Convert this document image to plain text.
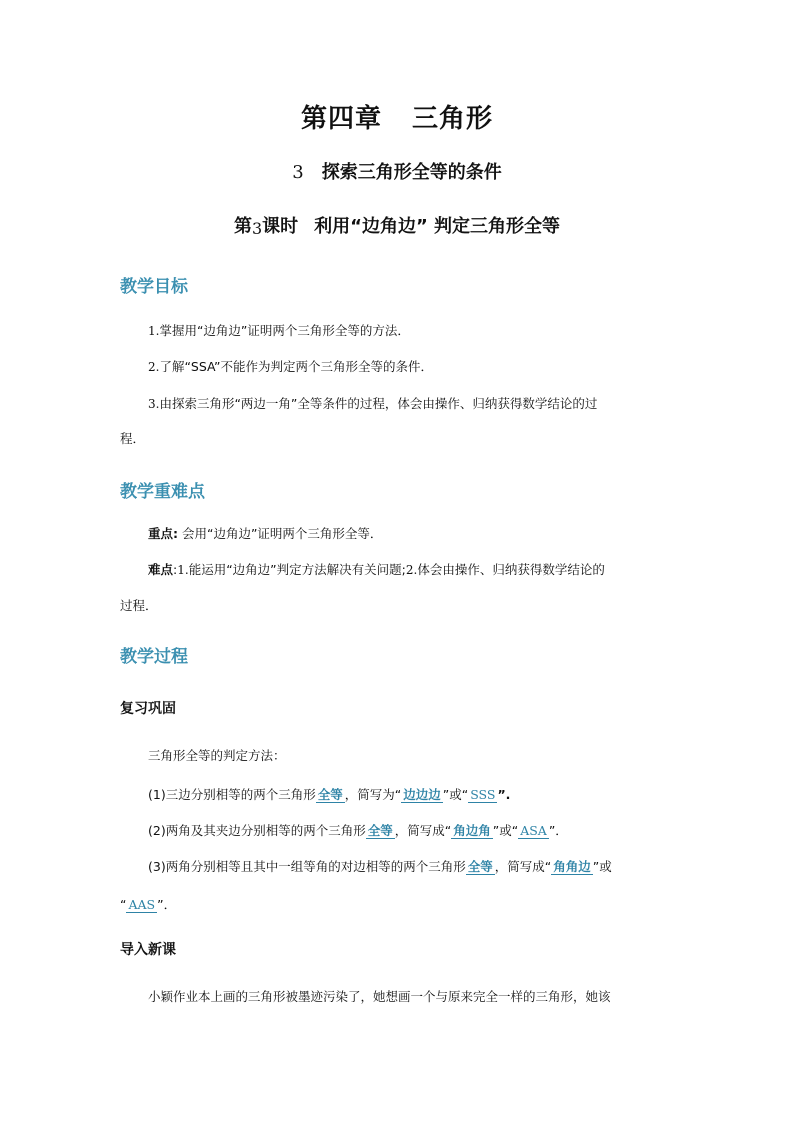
第四章 三角形
3 探索三角形全等的条件
第3课时 利用“边角边” 判定三角形全等
教学目标
1.掌握用“边角边”证明两个三角形全等的方法．
2.了解“SSA”不能作为判定两个三角形全等的条件．
3.由探索三角形“两边一角”全等条件的过程，体会由操作、归纳获得数学结论的过
程．
教学重难点
重点: 会用“边角边”证明两个三角形全等．
难点:1.能运用“边角边”判定方法解决有关问题;2.体会由操作、归纳获得数学结论的
过程．
教学过程
复习巩固
三角形全等的判定方法：
(1)三边分别相等的两个三角形 全等 ，简写为“ 边边边 ”或“ SSS ”.
(2)两角及其夹边分别相等的两个三角形 全等 ，简写成“ 角边角 ”或“ ASA ”．
(3)两角分别相等且其中一组等角的对边相等的两个三角形 全等 ，简写成“ 角角边 ”或
“ AAS ”．
导入新课
小颖作业本上画的三角形被墨迹污染了，她想画一个与原来完全一样的三角形，她该
